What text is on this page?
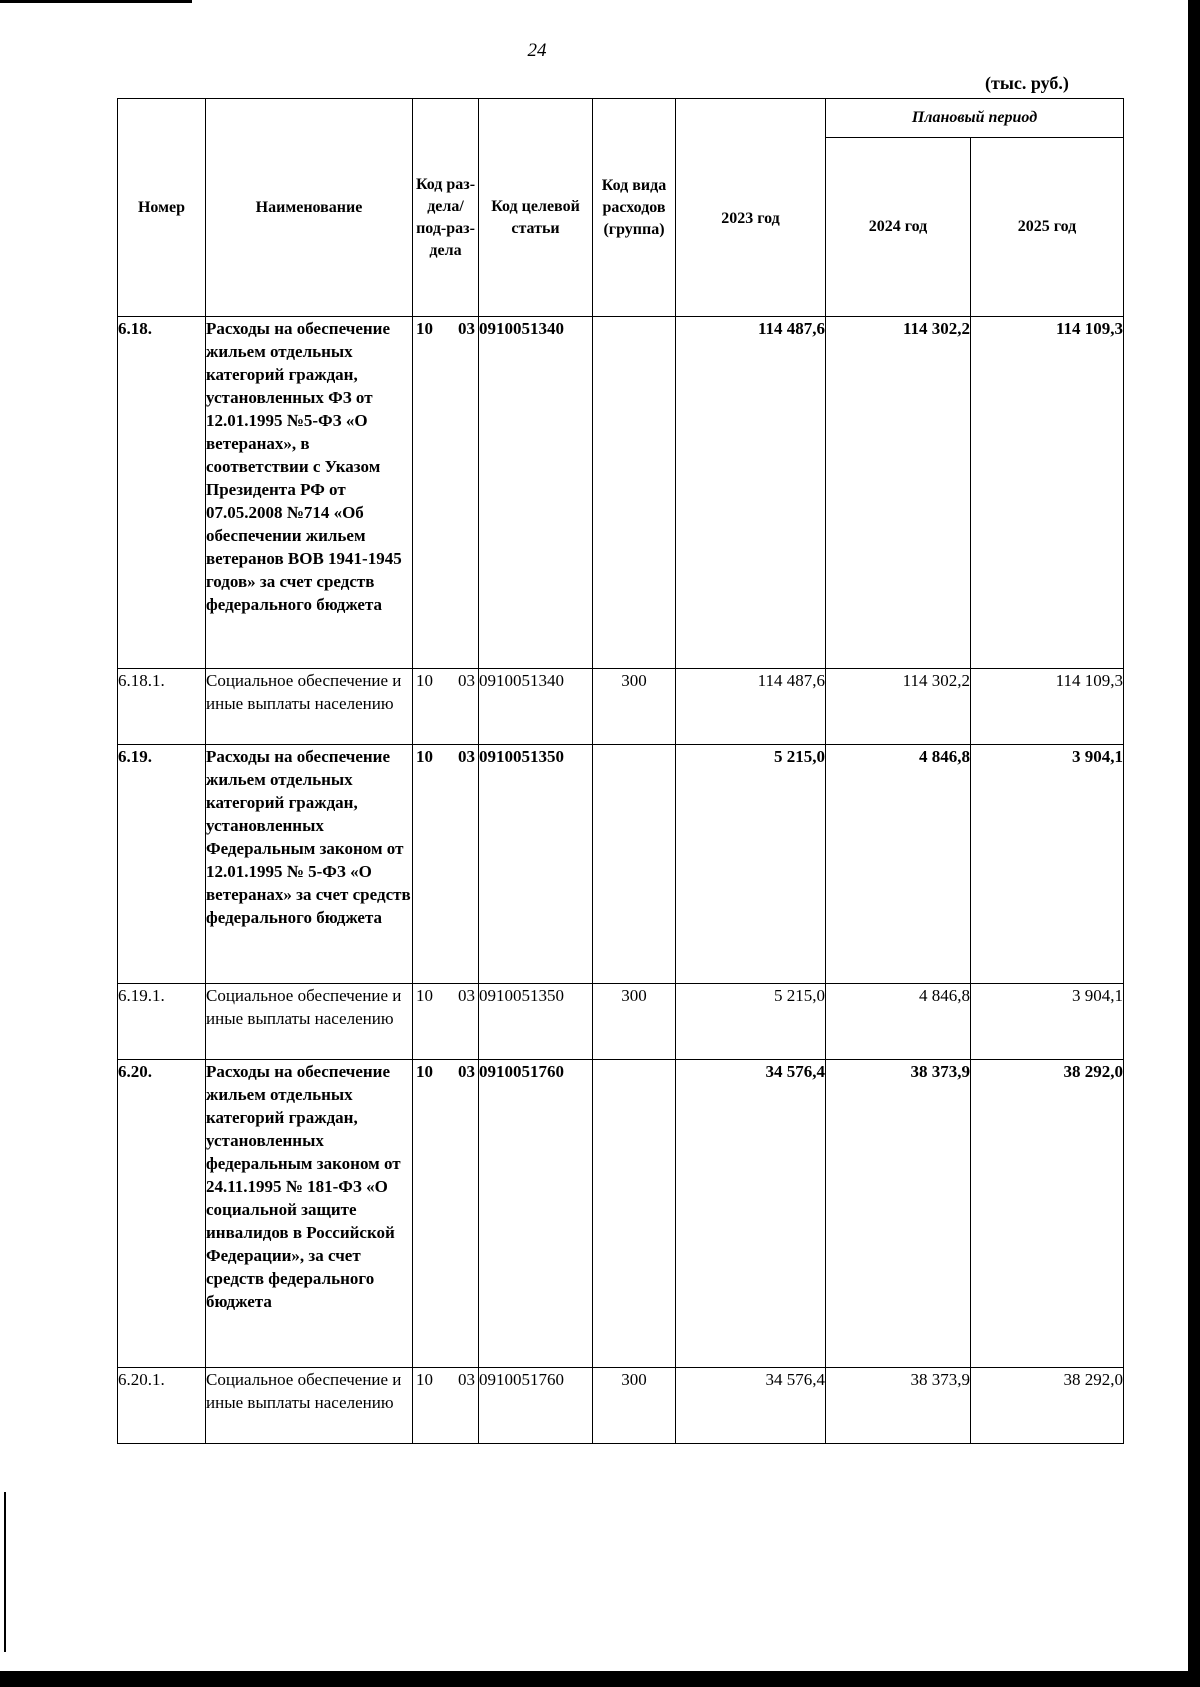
24
(тыс. руб.)
Номер	Наименование	Код раз-дела/ под-раз-дела	Код целевой статьи	Код вида расходов (группа)	2023 год	Плановый период	
						2024 год	2025 год
6.18.	Расходы на обеспечение жильем отдельных категорий граждан, установленных ФЗ от 12.01.1995 №5-ФЗ «О ветеранах», в соответствии с Указом Президента РФ от 07.05.2008 №714 «Об обеспечении жильем ветеранов ВОВ 1941-1945 годов» за счет средств федерального бюджета	10 03	0910051340		114 487,6	114 302,2	114 109,3
6.18.1.	Социальное обеспечение и иные выплаты населению	10 03	0910051340	300	114 487,6	114 302,2	114 109,3
6.19.	Расходы на обеспечение жильем отдельных категорий граждан, установленных Федеральным законом от 12.01.1995 № 5-ФЗ «О ветеранах» за счет средств федерального бюджета	10 03	0910051350		5 215,0	4 846,8	3 904,1
6.19.1.	Социальное обеспечение и иные выплаты населению	10 03	0910051350	300	5 215,0	4 846,8	3 904,1
6.20.	Расходы на обеспечение жильем отдельных категорий граждан, установленных федеральным законом от 24.11.1995 № 181-ФЗ «О социальной защите инвалидов в Российской Федерации», за счет средств федерального бюджета	10 03	0910051760		34 576,4	38 373,9	38 292,0
6.20.1.	Социальное обеспечение и иные выплаты населению	10 03	0910051760	300	34 576,4	38 373,9	38 292,0
